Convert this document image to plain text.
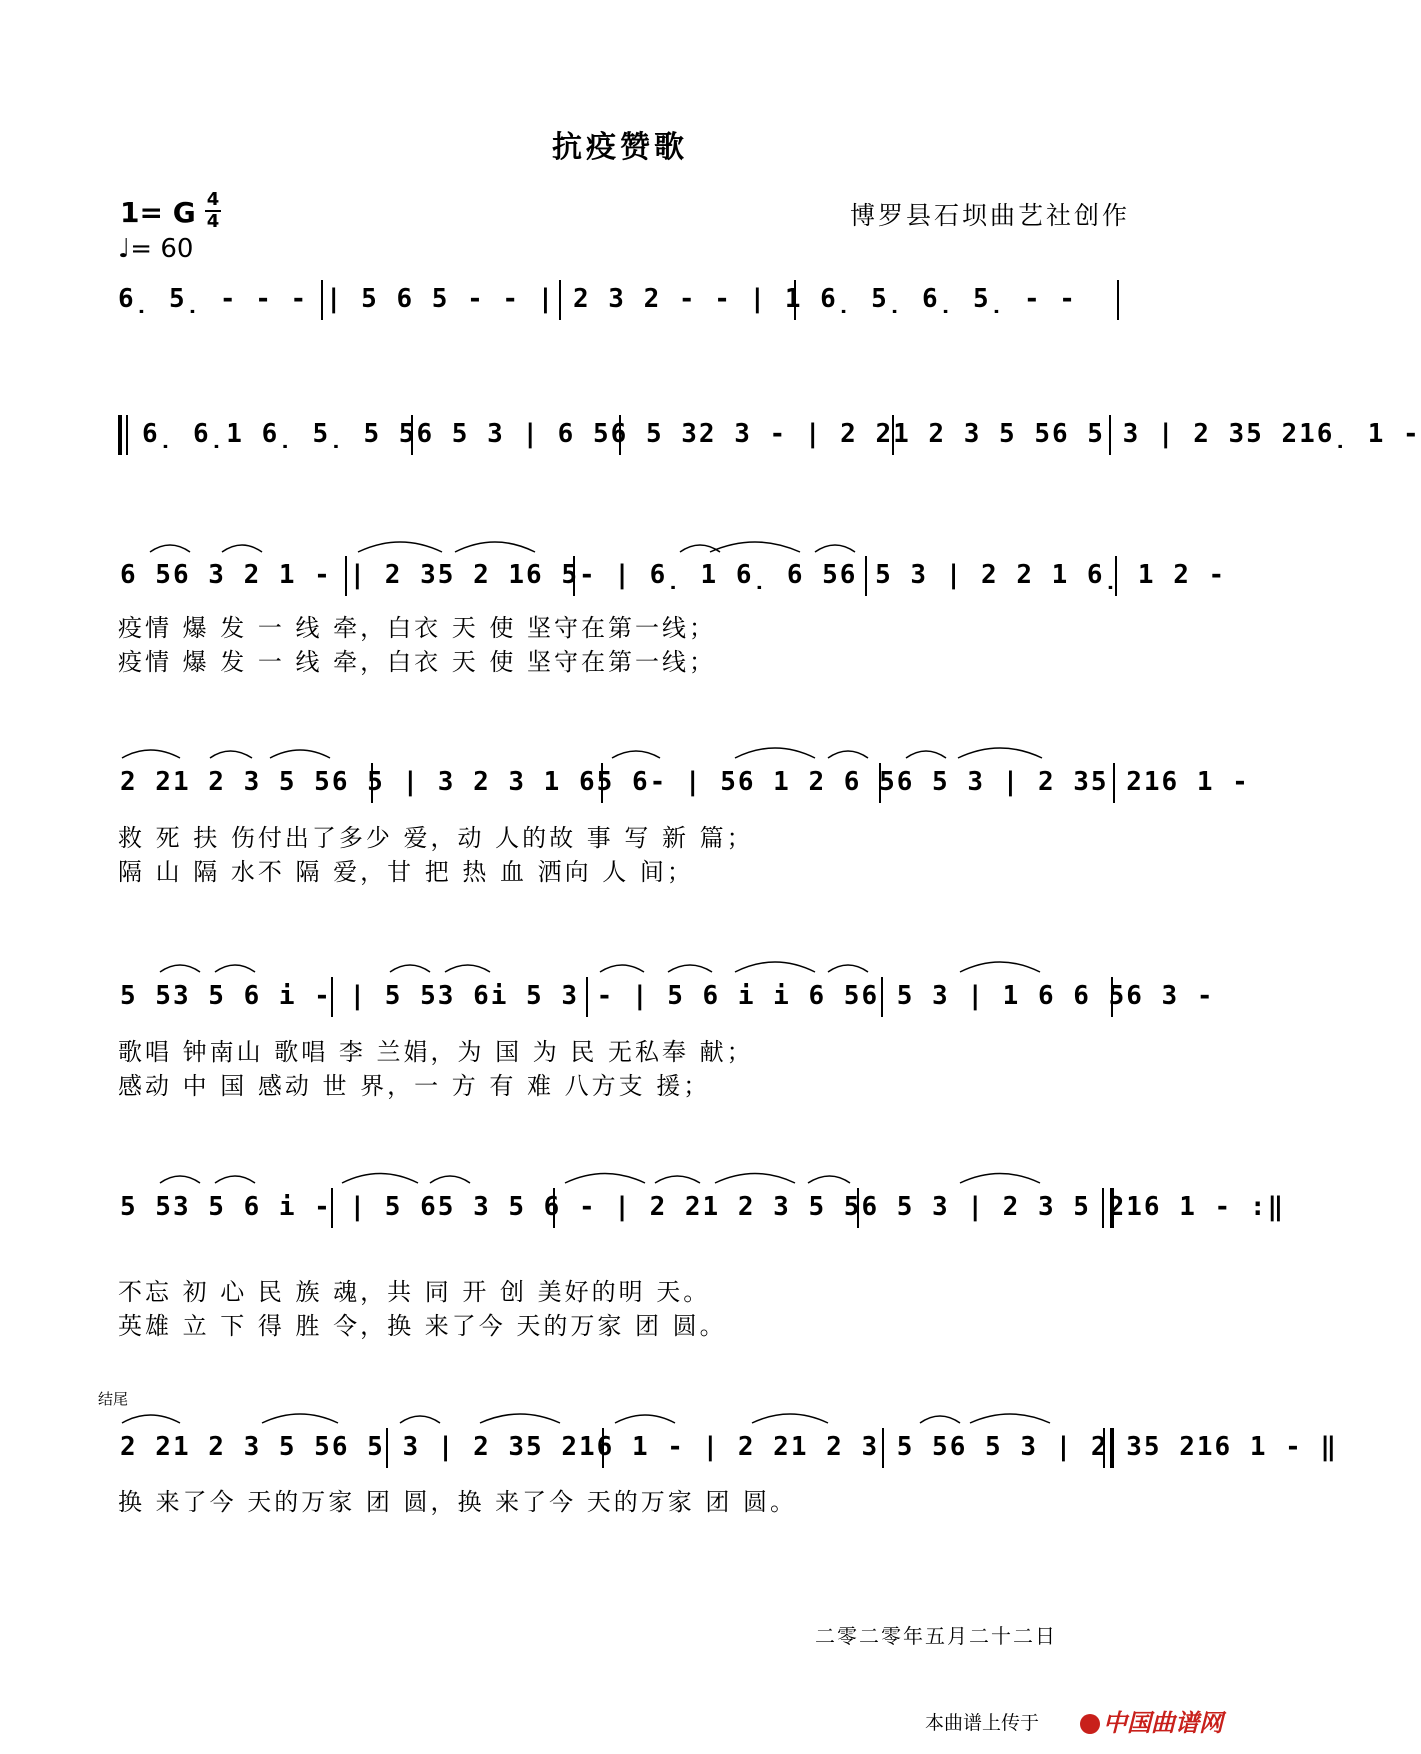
抗疫赞歌
1= G 4
4
♩= 60
博罗县石坝曲艺社创作
6̣ 5̣ - - - | 5 6 5 - - | 2 3 2 - - | 1 6̣ 5̣ 6̣ 5̣ - -
6̣ 6̣1 6̣ 5̣ 5 56 5 3 | 6 56 5 32 3 - | 2 21 2 3 5 56 5 3 | 2 35 216̣ 1 -
6 56 3 2 1 - | 2 35 2 16 5- | 6̣ 1 6̣ 6 56 5 3 | 2 2 1 6̣ 1 2 -
疫情 爆 发 一 线 牵，白衣 天 使 坚守在第一线；
疫情 爆 发 一 线 牵，白衣 天 使 坚守在第一线；
2 21 2 3 5 56 5 | 3 2 3 1 65 6- | 56 1 2 6 56 5 3 | 2 35 216 1 -
救 死 扶 伤付出了多少 爱，动 人的故 事 写 新 篇；
隔 山 隔 水不 隔 爱，甘 把 热 血 洒向 人 间；
5 53 5 6 i - | 5 53 6i 5 3 - | 5 6 i i 6 56 5 3 | 1 6 6 56 3 -
歌唱 钟南山 歌唱 李 兰娟，为 国 为 民 无私奉 献；
感动 中 国 感动 世 界，一 方 有 难 八方支 援；
5 53 5 6 i - | 5 65 3 5 6 - | 2 21 2 3 5 56 5 3 | 2 3 5 216 1 - :‖
不忘 初 心 民 族 魂，共 同 开 创 美好的明 天。
英雄 立 下 得 胜 令，换 来了今 天的万家 团 圆。
结尾
2 21 2 3 5 56 5 3 | 2 35 216 1 - | 2 21 2 3 5 56 5 3 | 2 35 216 1 - ‖
换 来了今 天的万家 团 圆，换 来了今 天的万家 团 圆。
二零二零年五月二十二日
本曲谱上传于	中国曲谱网
